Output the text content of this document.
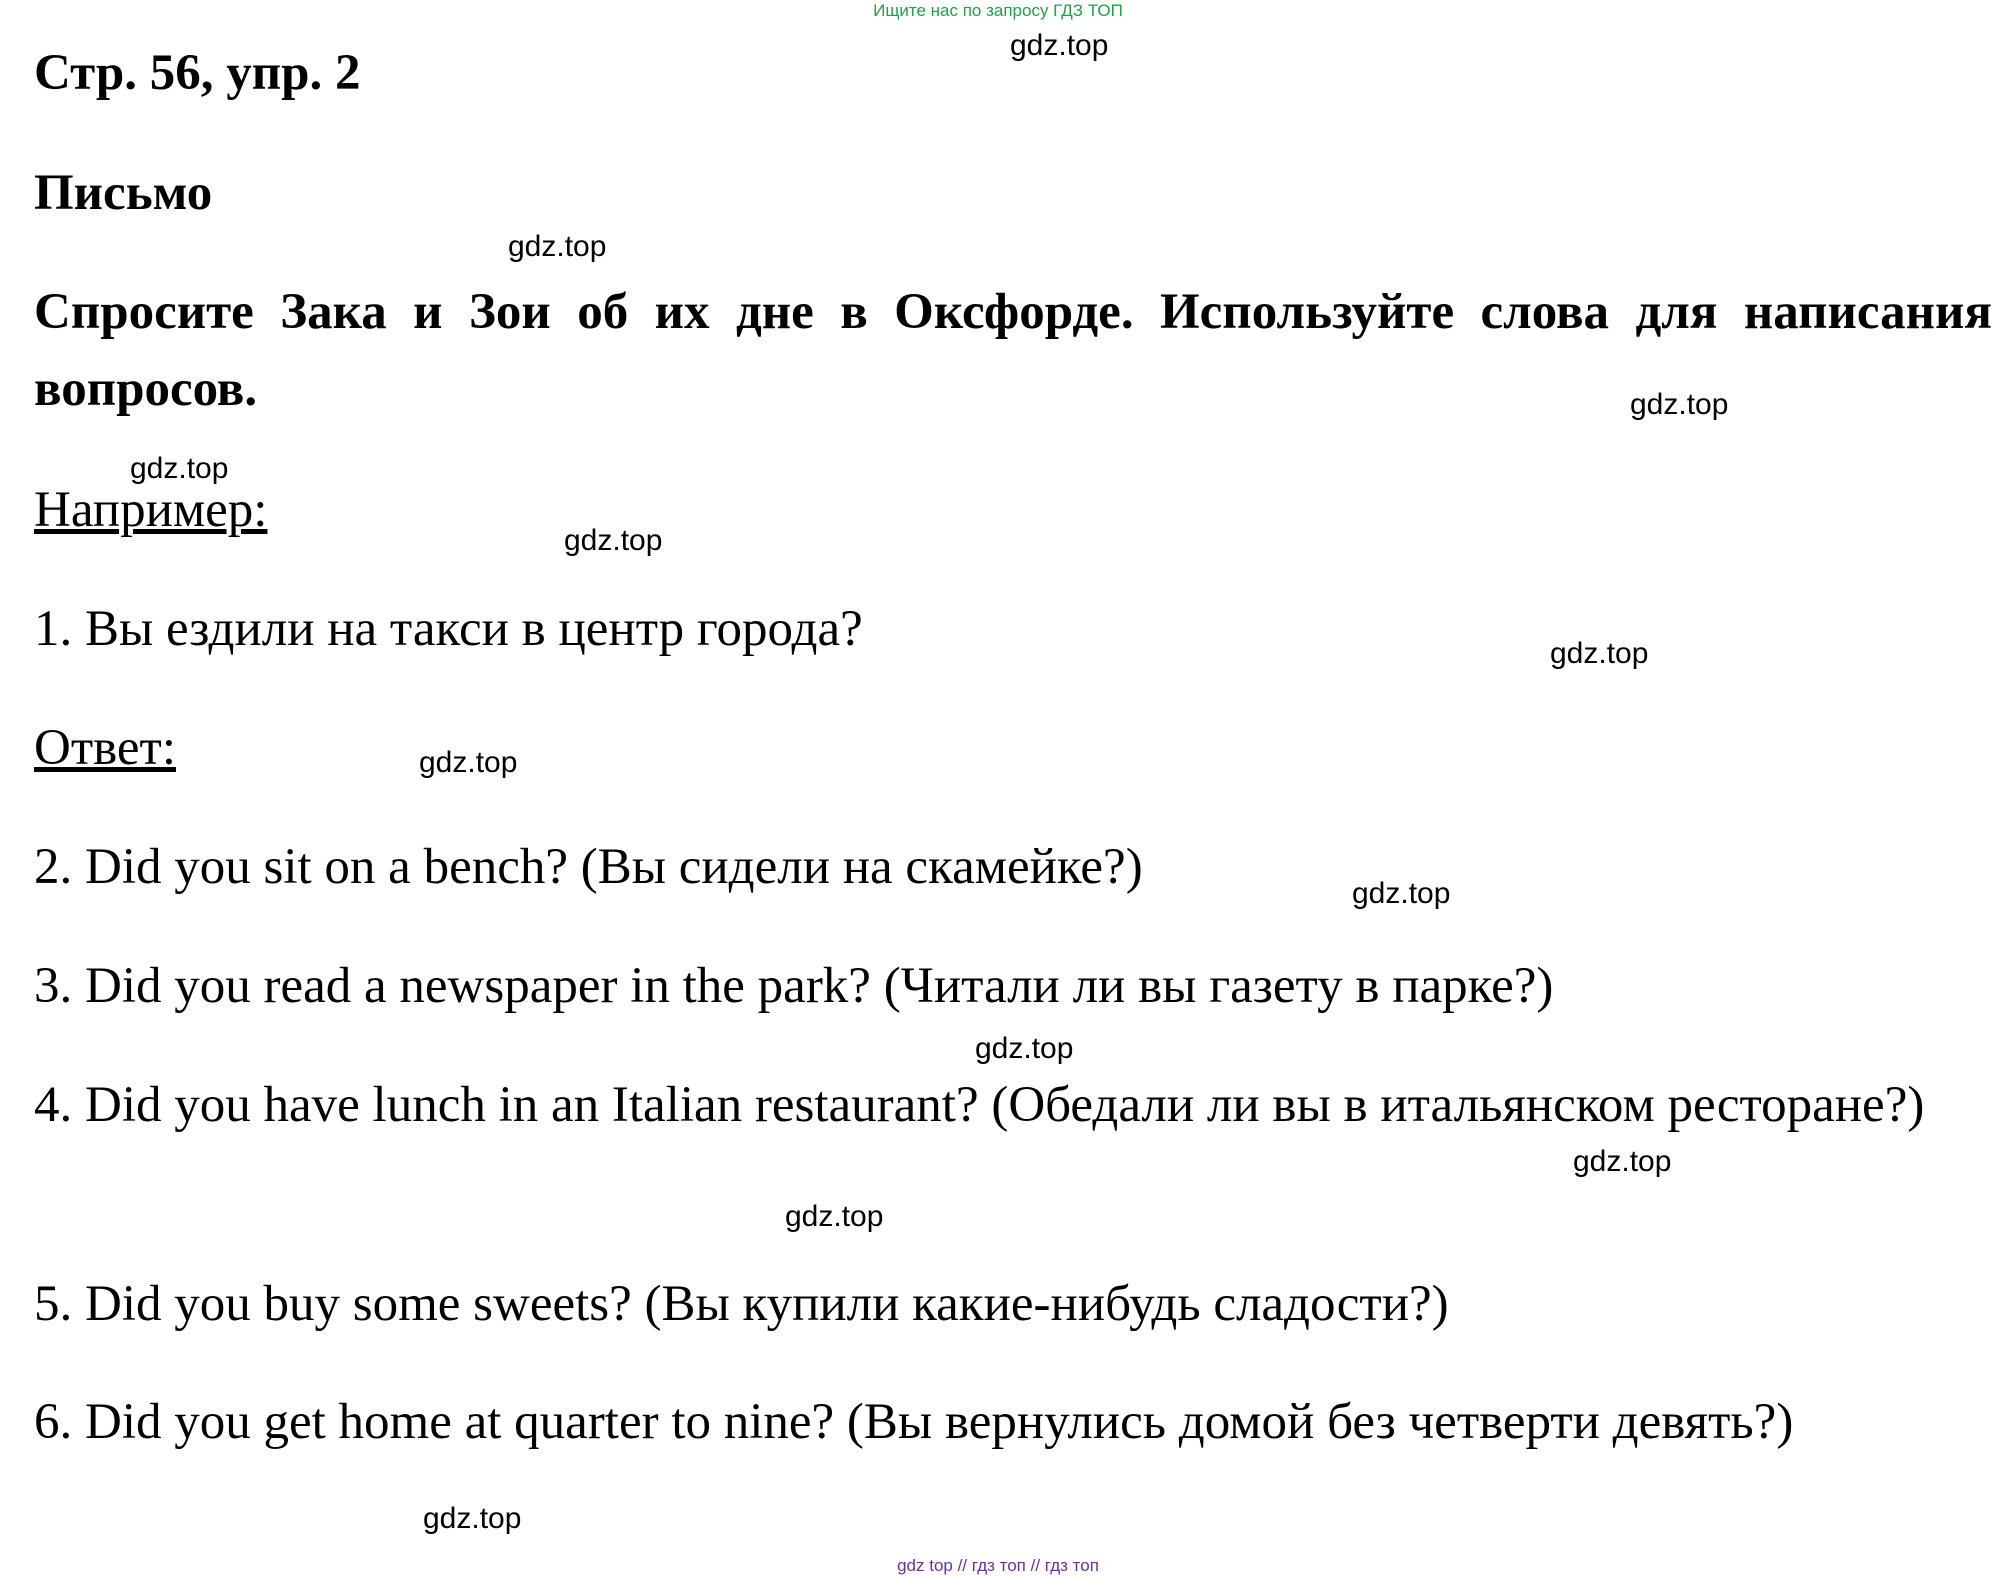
Ищите нас по запросу ГДЗ ТОП
Стр. 56, упр. 2
Письмо

Спросите Зака и Зои об их дне в Оксфорде. Используйте слова для написания вопросов.

Например:

1. Вы ездили на такси в центр города?

Ответ:

2. Did you sit on a bench? (Вы сидели на скамейке?)

3. Did you read a newspaper in the park? (Читали ли вы газету в парке?)

4. Did you have lunch in an Italian restaurant? (Обедали ли вы в итальянском ресторане?)

5. Did you buy some sweets? (Вы купили какие-нибудь сладости?)

6. Did you get home at quarter to nine? (Вы вернулись домой без четверти девять?)

gdz.top
gdz.top
gdz.top
gdz.top
gdz.top
gdz.top
gdz.top
gdz.top
gdz.top
gdz.top
gdz.top
gdz.top
gdz top // гдз топ // гдз топ
